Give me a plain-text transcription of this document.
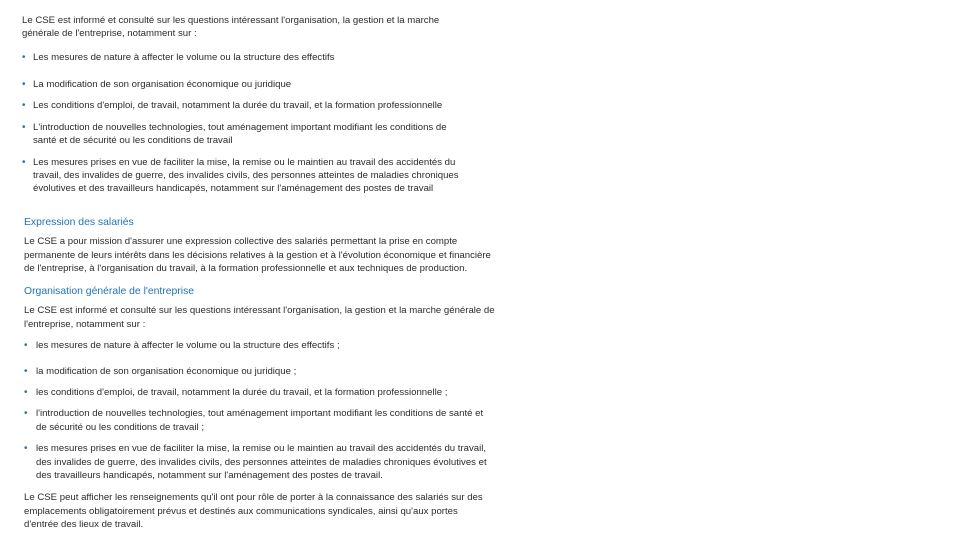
Le CSE est informé et consulté sur les questions intéressant l'organisation, la gestion et la marche
générale de l'entreprise, notamment sur :

• Les mesures de nature à affecter le volume ou la structure des effectifs
• La modification de son organisation économique ou juridique
• Les conditions d'emploi, de travail, notamment la durée du travail, et la formation professionnelle
• L'introduction de nouvelles technologies, tout aménagement important modifiant les conditions de
santé et de sécurité ou les conditions de travail
• Les mesures prises en vue de faciliter la mise, la remise ou le maintien au travail des accidentés du
travail, des invalides de guerre, des invalides civils, des personnes atteintes de maladies chroniques
évolutives et des travailleurs handicapés, notamment sur l'aménagement des postes de travail
Expression des salariés

Le CSE a pour mission d'assurer une expression collective des salariés permettant la prise en compte
permanente de leurs intérêts dans les décisions relatives à la gestion et à l'évolution économique et financière
de l'entreprise, à l'organisation du travail, à la formation professionnelle et aux techniques de production.

Organisation générale de l'entreprise

Le CSE est informé et consulté sur les questions intéressant l'organisation, la gestion et la marche générale de
l'entreprise, notamment sur :

• les mesures de nature à affecter le volume ou la structure des effectifs ;
• la modification de son organisation économique ou juridique ;
• les conditions d'emploi, de travail, notamment la durée du travail, et la formation professionnelle ;
• l'introduction de nouvelles technologies, tout aménagement important modifiant les conditions de santé et
de sécurité ou les conditions de travail ;
• les mesures prises en vue de faciliter la mise, la remise ou le maintien au travail des accidentés du travail,
des invalides de guerre, des invalides civils, des personnes atteintes de maladies chroniques évolutives et
des travailleurs handicapés, notamment sur l'aménagement des postes de travail.

Le CSE peut afficher les renseignements qu'il ont pour rôle de porter à la connaissance des salariés sur des
emplacements obligatoirement prévus et destinés aux communications syndicales, ainsi qu'aux portes
d'entrée des lieux de travail.
